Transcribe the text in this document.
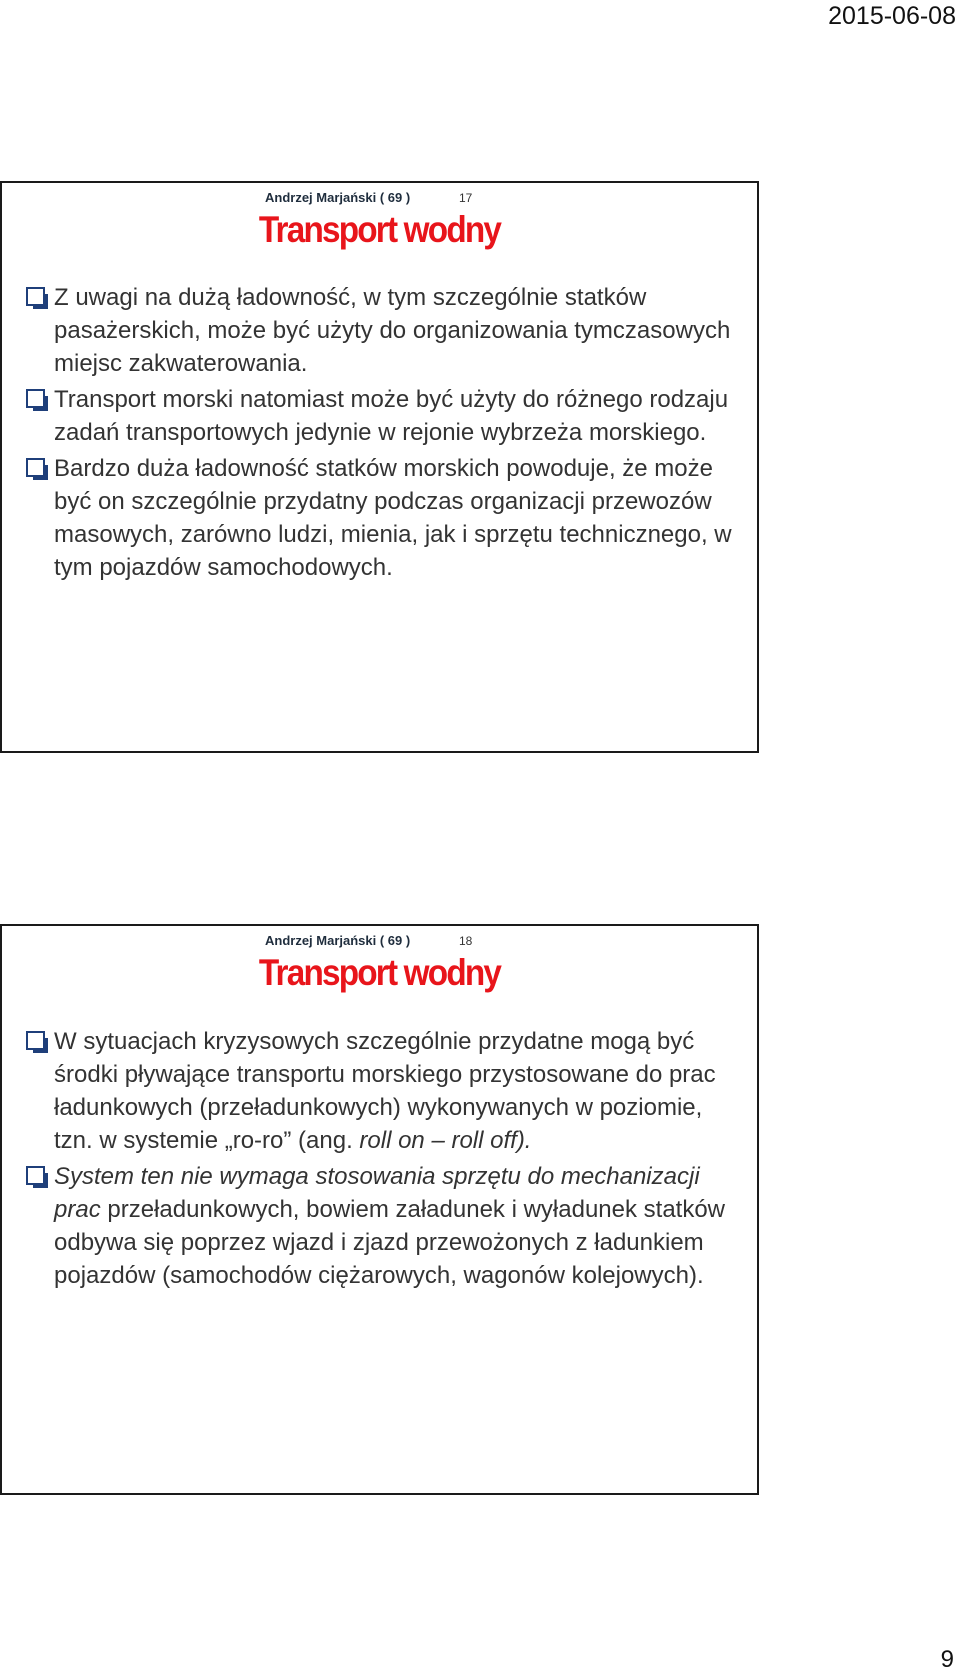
2015-06-08
Andrzej Marjański ( 69 )	17
Transport wodny
Z uwagi na dużą ładowność, w tym szczególnie statków pasażerskich, może być użyty do organizowania tymczasowych miejsc zakwaterowania.
Transport morski natomiast może być użyty do różnego rodzaju zadań transportowych jedynie w rejonie wybrzeża morskiego.
Bardzo duża ładowność statków morskich powoduje, że może być on szczególnie przydatny podczas organizacji przewozów masowych, zarówno ludzi, mienia, jak i sprzętu technicznego, w tym pojazdów samochodowych.
Andrzej Marjański ( 69 )	18
Transport wodny
W sytuacjach kryzysowych szczególnie przydatne mogą być środki pływające transportu morskiego przystosowane do prac ładunkowych (przeładunkowych) wykonywanych w poziomie, tzn. w systemie „ro-ro” (ang. roll on – roll off).
System ten nie wymaga stosowania sprzętu do mechanizacji prac przeładunkowych, bowiem załadunek i wyładunek statków odbywa się poprzez wjazd i zjazd przewożonych z ładunkiem pojazdów (samochodów ciężarowych, wagonów kolejowych).
9
